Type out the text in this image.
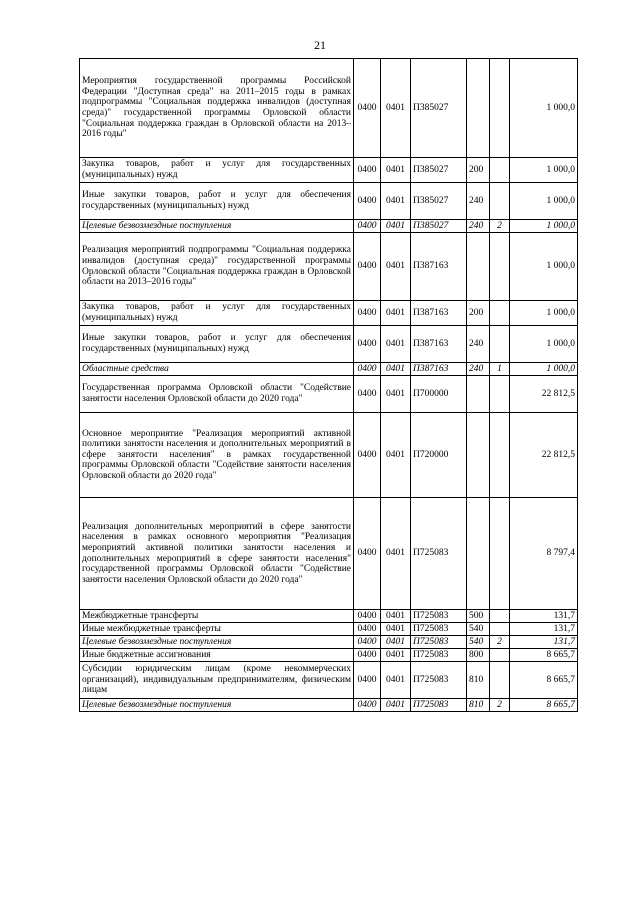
21
Мероприятия государственной программы Российской Федерации "Доступная среда" на 2011–2015 годы в рамках подпрограммы "Социальная поддержка инвалидов (доступная среда)" государственной программы Орловской области "Социальная поддержка граждан в Орловской области на 2013–2016 годы"	0400	0401	П385027			1 000,0
Закупка товаров, работ и услуг для государственных (муниципальных) нужд	0400	0401	П385027	200		1 000,0
Иные закупки товаров, работ и услуг для обеспечения государственных (муниципальных) нужд	0400	0401	П385027	240		1 000,0
Целевые безвозмездные поступления	0400	0401	П385027	240	2	1 000,0
Реализация мероприятий подпрограммы "Социальная поддержка инвалидов (доступная среда)" государственной программы Орловской области "Социальная поддержка граждан в Орловской области на 2013–2016 годы"	0400	0401	П387163			1 000,0
Закупка товаров, работ и услуг для государственных (муниципальных) нужд	0400	0401	П387163	200		1 000,0
Иные закупки товаров, работ и услуг для обеспечения государственных (муниципальных) нужд	0400	0401	П387163	240		1 000,0
Областные средства	0400	0401	П387163	240	1	1 000,0
Государственная программа Орловской области "Содействие занятости населения Орловской области до 2020 года"	0400	0401	П700000			22 812,5
Основное мероприятие "Реализация мероприятий активной политики занятости населения и дополнительных мероприятий в сфере занятости населения" в рамках государственной программы Орловской области "Содействие занятости населения Орловской области до 2020 года"	0400	0401	П720000			22 812,5
Реализация дополнительных мероприятий в сфере занятости населения в рамках основного мероприятия "Реализация мероприятий активной политики занятости населения и дополнительных мероприятий в сфере занятости населения" государственной программы Орловской области "Содействие занятости населения Орловской области до 2020 года"	0400	0401	П725083			8 797,4
Межбюджетные трансферты	0400	0401	П725083	500		131,7
Иные межбюджетные трансферты	0400	0401	П725083	540		131,7
Целевые безвозмездные поступления	0400	0401	П725083	540	2	131,7
Иные бюджетные ассигнования	0400	0401	П725083	800		8 665,7
Субсидии юридическим лицам (кроме некоммерческих организаций), индивидуальным предпринимателям, физическим лицам	0400	0401	П725083	810		8 665,7
Целевые безвозмездные поступления	0400	0401	П725083	810	2	8 665,7
